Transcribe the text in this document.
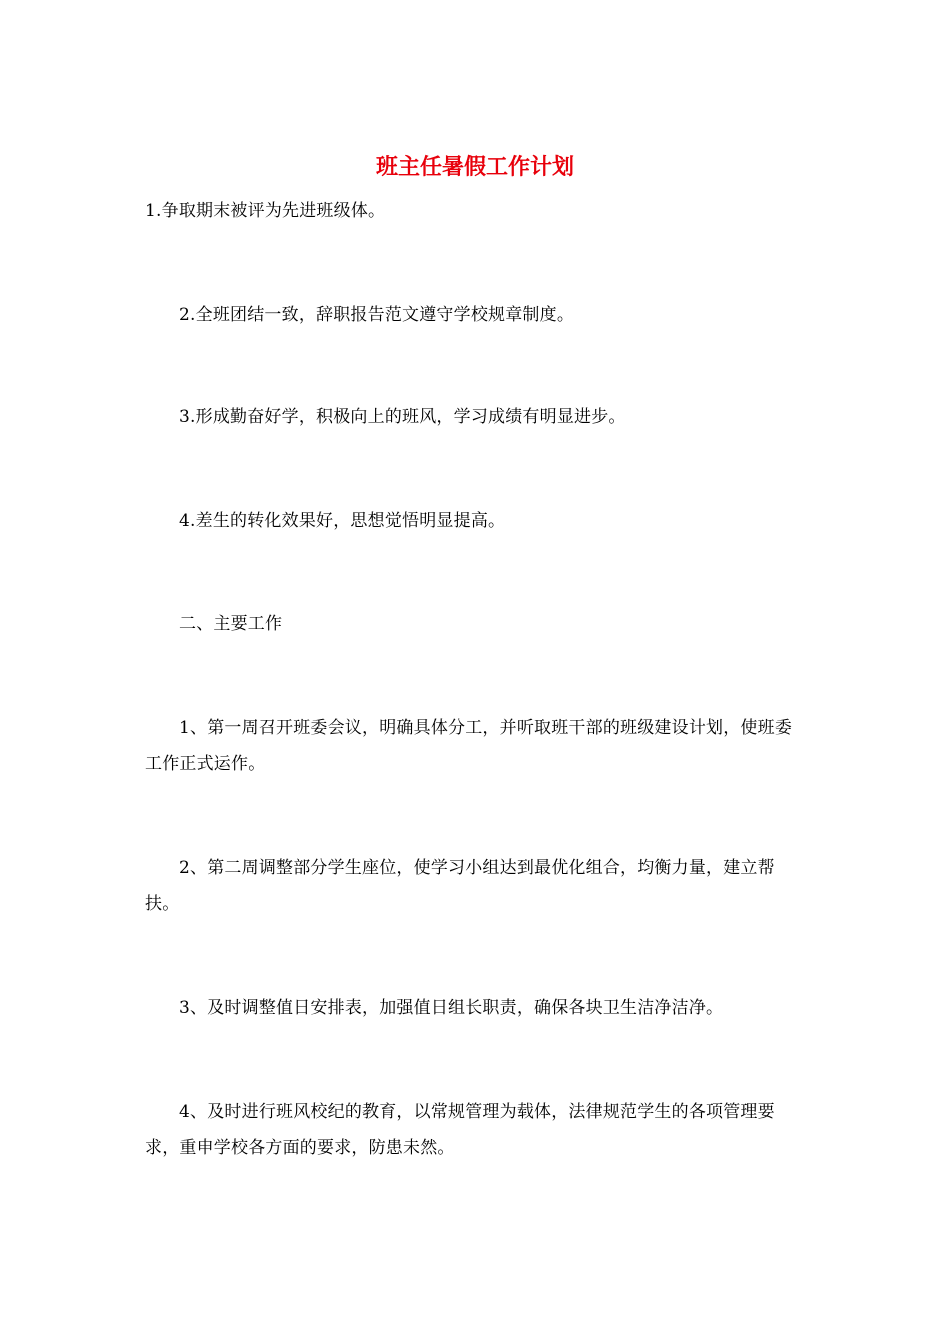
班主任暑假工作计划

1.争取期末被评为先进班级体。

2.全班团结一致，辞职报告范文遵守学校规章制度。

3.形成勤奋好学，积极向上的班风，学习成绩有明显进步。

4.差生的转化效果好，思想觉悟明显提高。

二、主要工作

1、第一周召开班委会议，明确具体分工，并听取班干部的班级建设计划，使班委工作正式运作。

2、第二周调整部分学生座位，使学习小组达到最优化组合，均衡力量，建立帮扶。

3、及时调整值日安排表，加强值日组长职责，确保各块卫生洁净洁净。

4、及时进行班风校纪的教育，以常规管理为载体，法律规范学生的各项管理要求，重申学校各方面的要求，防患未然。
